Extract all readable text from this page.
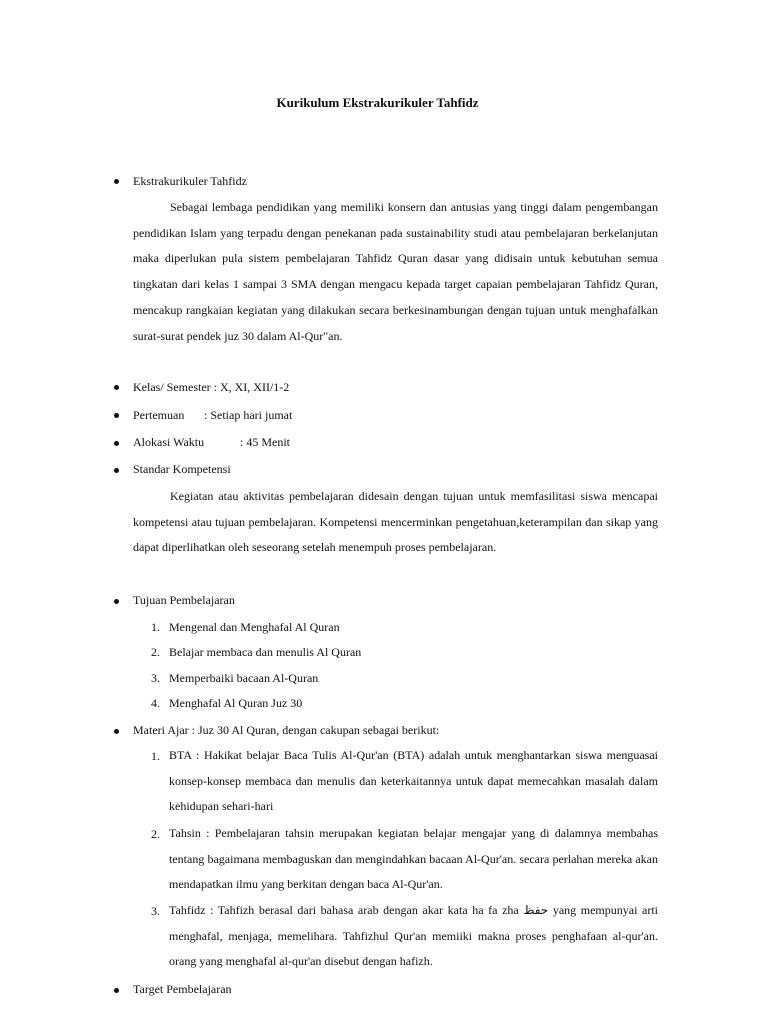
Kurikulum Ekstrakurikuler Tahfidz
Ekstrakurikuler Tahfidz
Sebagai lembaga pendidikan yang memiliki konsern dan antusias yang tinggi dalam pengembangan pendidikan Islam yang terpadu dengan penekanan pada sustainability studi atau pembelajaran berkelanjutan maka diperlukan pula sistem pembelajaran Tahfidz Quran dasar yang didisain untuk kebutuhan semua tingkatan dari kelas 1 sampai 3 SMA dengan mengacu kepada target capaian pembelajaran Tahfidz Quran, mencakup rangkaian kegiatan yang dilakukan secara berkesinambungan dengan tujuan untuk menghafalkan surat-surat pendek juz 30 dalam Al-Qur"an.
Kelas/ Semester : X, XI, XII/1-2
Pertemuan : Setiap hari jumat
Alokasi Waktu	: 45 Menit
Standar Kompetensi
Kegiatan atau aktivitas pembelajaran didesain dengan tujuan untuk memfasilitasi siswa mencapai kompetensi atau tujuan pembelajaran. Kompetensi mencerminkan pengetahuan,keterampilan dan sikap yang dapat diperlihatkan oleh seseorang setelah menempuh proses pembelajaran.
Tujuan Pembelajaran
1. Mengenal dan Menghafal Al Quran
2. Belajar membaca dan menulis Al Quran
3. Memperbaiki bacaan Al-Quran
4. Menghafal Al Quran Juz 30
Materi Ajar : Juz 30 Al Quran, dengan cakupan sebagai berikut:
1. BTA : Hakikat belajar Baca Tulis Al-Qur'an (BTA) adalah untuk menghantarkan siswa menguasai konsep-konsep membaca dan menulis dan keterkaitannya untuk dapat memecahkan masalah dalam kehidupan sehari-hari
2. Tahsin : Pembelajaran tahsin merupakan kegiatan belajar mengajar yang di dalamnya membahas tentang bagaimana membaguskan dan mengindahkan bacaan Al-Qur'an. secara perlahan mereka akan mendapatkan ilmu yang berkitan dengan baca Al-Qur'an.
3. Tahfidz : Tahfizh berasal dari bahasa arab dengan akar kata ha fa zha حفظ yang mempunyai arti menghafal, menjaga, memelihara. Tahfizhul Qur'an memiiki makna proses penghafaan al-qur'an. orang yang menghafal al-qur'an disebut dengan hafizh.
Target Pembelajaran
